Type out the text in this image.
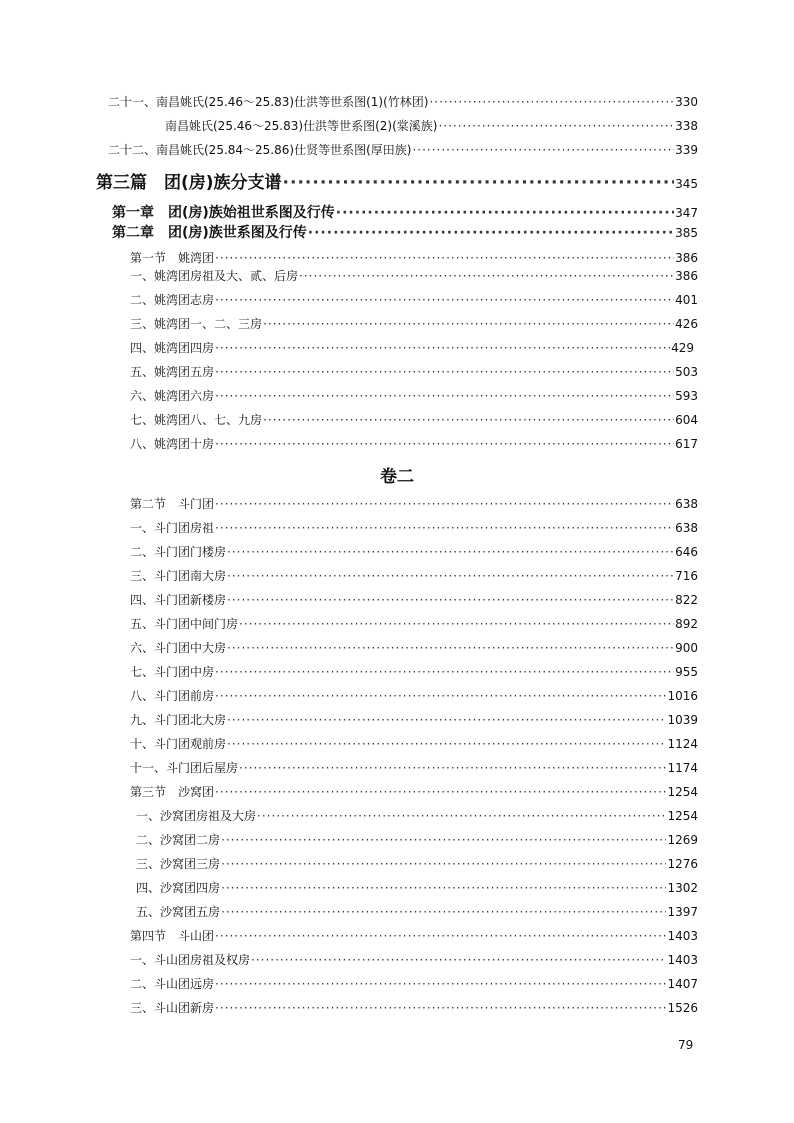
二十一、南昌姚氏(25.46～25.83)仕洪等世系图(1)(竹林团) ·····	330
南昌姚氏(25.46～25.83)仕洪等世系图(2)(棠溪族) ·····	338
二十二、南昌姚氏(25.84～25.86)仕贤等世系图(厚田族) ·····	339
第三篇　团(房)族分支谱 ·····	345
第一章　团(房)族始祖世系图及行传 ·····	347
第二章　团(房)族世系图及行传 ·····	385
第一节　姚湾团 ·····	386
一、姚湾团房祖及大、贰、后房 ·····	386
二、姚湾团志房 ·····	401
三、姚湾团一、二、三房 ·····	426
四、姚湾团四房 ·····	429
五、姚湾团五房 ·····	503
六、姚湾团六房 ·····	593
七、姚湾团八、七、九房 ·····	604
八、姚湾团十房 ·····	617
卷二
第二节　斗门团 ·····	638
一、斗门团房祖 ·····	638
二、斗门团门楼房 ·····	646
三、斗门团南大房 ·····	716
四、斗门团新楼房 ·····	822
五、斗门团中间门房 ·····	892
六、斗门团中大房 ·····	900
七、斗门团中房 ·····	955
八、斗门团前房 ·····	1016
九、斗门团北大房 ·····	1039
十、斗门团观前房 ·····	1124
十一、斗门团后屋房 ·····	1174
第三节　沙窝团 ·····	1254
一、沙窝团房祖及大房 ·····	1254
二、沙窝团二房 ·····	1269
三、沙窝团三房 ·····	1276
四、沙窝团四房 ·····	1302
五、沙窝团五房 ·····	1397
第四节　斗山团 ·····	1403
一、斗山团房祖及权房 ·····	1403
二、斗山团远房 ·····	1407
三、斗山团新房 ·····	1526
79
